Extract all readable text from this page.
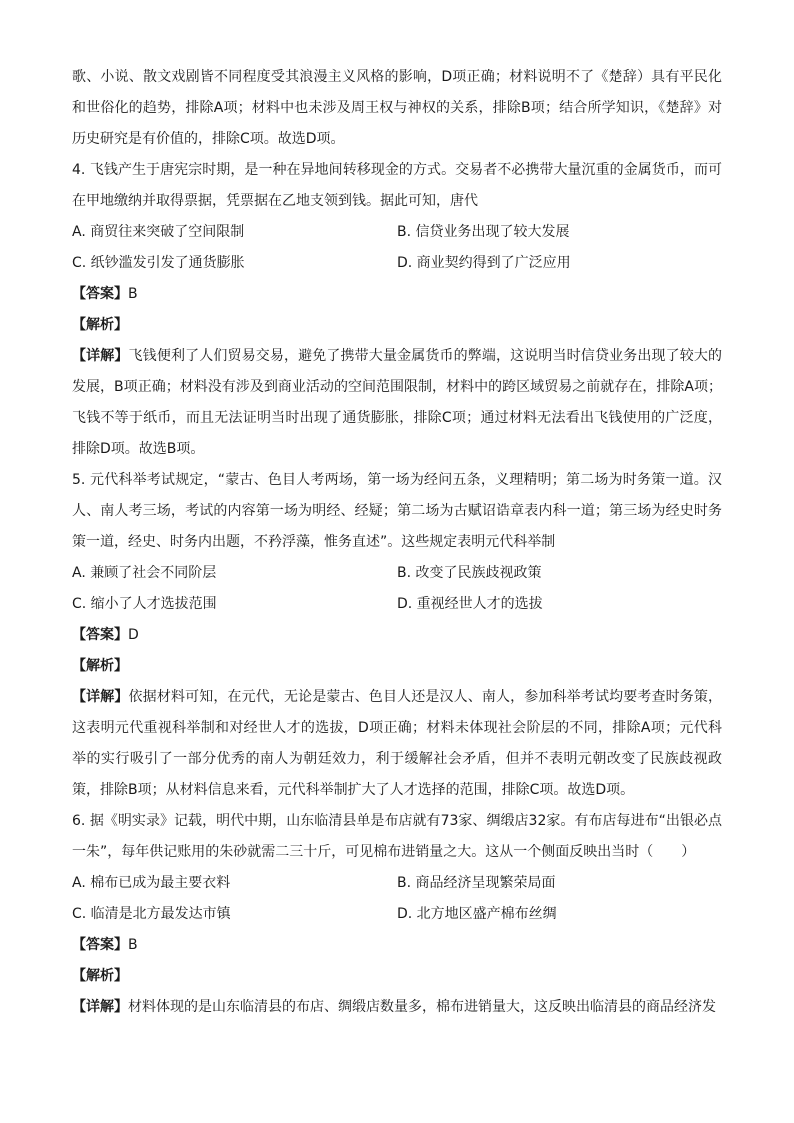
歌、小说、散文戏剧皆不同程度受其浪漫主义风格的影响，D项正确；材料说明不了《楚辞）具有平民化和世俗化的趋势，排除A项；材料中也未涉及周王权与神权的关系，排除B项；结合所学知识，《楚辞》对历史研究是有价值的，排除C项。故选D项。

4. 飞钱产生于唐宪宗时期，是一种在异地间转移现金的方式。交易者不必携带大量沉重的金属货币，而可在甲地缴纳并取得票据，凭票据在乙地支领到钱。据此可知，唐代

A. 商贸往来突破了空间限制	B. 信贷业务出现了较大发展

C. 纸钞滥发引发了通货膨胀	D. 商业契约得到了广泛应用

【答案】B

【解析】

【详解】飞钱便利了人们贸易交易，避免了携带大量金属货币的弊端，这说明当时信贷业务出现了较大的发展，B项正确；材料没有涉及到商业活动的空间范围限制，材料中的跨区域贸易之前就存在，排除A项；飞钱不等于纸币，而且无法证明当时出现了通货膨胀，排除C项；通过材料无法看出飞钱使用的广泛度，排除D项。故选B项。

5. 元代科举考试规定，“蒙古、色目人考两场，第一场为经问五条，义理精明；第二场为时务策一道。汉人、南人考三场，考试的内容第一场为明经、经疑；第二场为古赋诏诰章表内科一道；第三场为经史时务策一道，经史、时务内出题，不矜浮藻，惟务直述”。这些规定表明元代科举制

A. 兼顾了社会不同阶层	B. 改变了民族歧视政策

C. 缩小了人才选拔范围	D. 重视经世人才的选拔

【答案】D

【解析】

【详解】依据材料可知，在元代，无论是蒙古、色目人还是汉人、南人，参加科举考试均要考查时务策，这表明元代重视科举制和对经世人才的选拔，D项正确；材料未体现社会阶层的不同，排除A项；元代科举的实行吸引了一部分优秀的南人为朝廷效力，利于缓解社会矛盾，但并不表明元朝改变了民族歧视政策，排除B项；从材料信息来看，元代科举制扩大了人才选择的范围，排除C项。故选D项。

6. 据《明实录》记载，明代中期，山东临清县单是布店就有73家、绸缎店32家。有布店每进布“出银必点一朱”，每年供记账用的朱砂就需二三十斤，可见棉布进销量之大。这从一个侧面反映出当时（　　）

A. 棉布已成为最主要衣料	B. 商品经济呈现繁荣局面

C. 临清是北方最发达市镇	D. 北方地区盛产棉布丝绸

【答案】B

【解析】

【详解】材料体现的是山东临清县的布店、绸缎店数量多，棉布进销量大，这反映出临清县的商品经济发
